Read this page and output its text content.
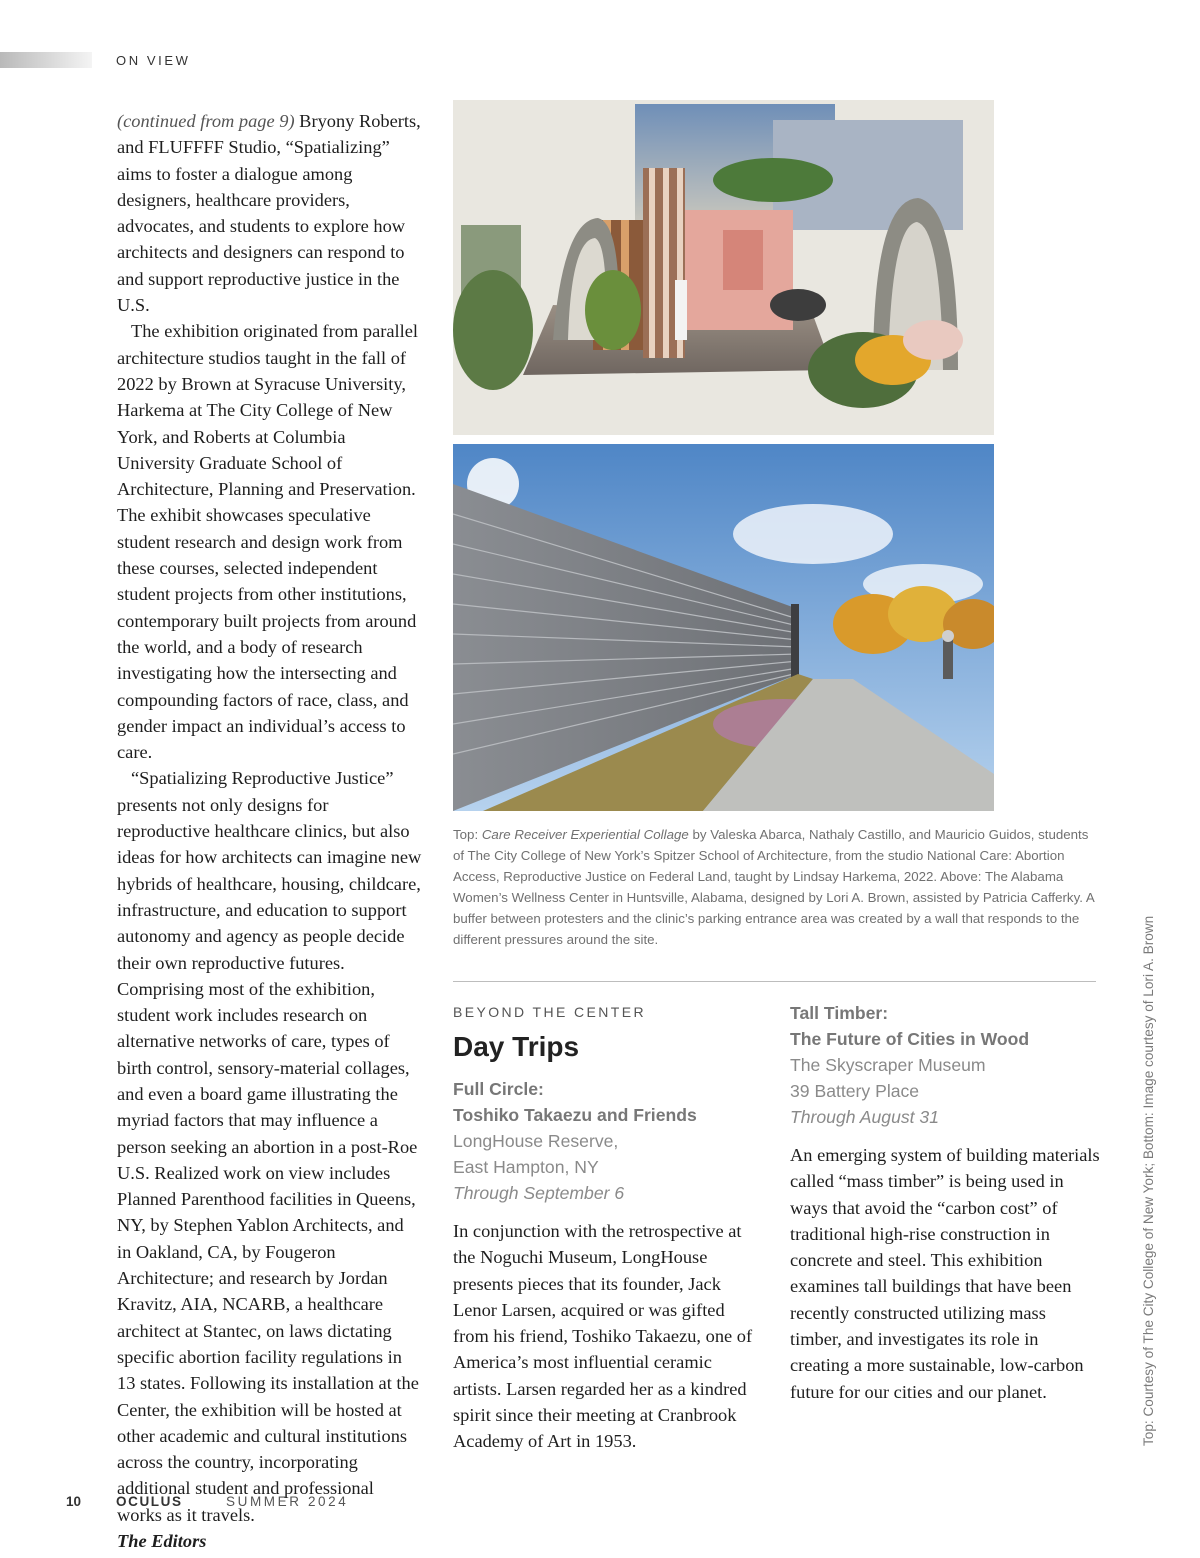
ON VIEW

(continued from page 9) Bryony Roberts, and FLUFFFF Studio, “Spatializing” aims to foster a dialogue among designers, healthcare providers, advocates, and students to explore how architects and designers can respond to and support reproductive justice in the U.S.

The exhibition originated from parallel architecture studios taught in the fall of 2022 by Brown at Syracuse University, Harkema at The City College of New York, and Roberts at Columbia University Graduate School of Architecture, Planning and Preservation. The exhibit showcases speculative student research and design work from these courses, selected independent student projects from other institutions, contemporary built projects from around the world, and a body of research investigating how the intersecting and compounding factors of race, class, and gender impact an individual’s access to care.

“Spatializing Reproductive Justice” presents not only designs for reproductive healthcare clinics, but also ideas for how architects can imagine new hybrids of healthcare, housing, childcare, infrastructure, and education to support autonomy and agency as people decide their own reproductive futures. Comprising most of the exhibition, student work includes research on alternative networks of care, types of birth control, sensory-material collages, and even a board game illustrating the myriad factors that may influence a person seeking an abortion in a post-Roe U.S. Realized work on view includes Planned Parenthood facilities in Queens, NY, by Stephen Yablon Architects, and in Oakland, CA, by Fougeron Architecture; and research by Jordan Kravitz, AIA, NCARB, a healthcare architect at Stantec, on laws dictating specific abortion facility regulations in 13 states. Following its installation at the Center, the exhibition will be hosted at other academic and cultural institutions across the country, incorporating additional student and professional works as it travels.

The Editors

Top: Care Receiver Experiential Collage by Valeska Abarca, Nathaly Castillo, and Mauricio Guidos, students of The City College of New York’s Spitzer School of Architecture, from the studio National Care: Abortion Access, Reproductive Justice on Federal Land, taught by Lindsay Harkema, 2022. Above: The Alabama Women’s Wellness Center in Huntsville, Alabama, designed by Lori A. Brown, assisted by Patricia Cafferky. A buffer between protesters and the clinic’s parking entrance area was created by a wall that responds to the different pressures around the site.

BEYOND THE CENTER

Day Trips

Full Circle:

Toshiko Takaezu and Friends

LongHouse Reserve,

East Hampton, NY

Through September 6

In conjunction with the retrospective at the Noguchi Museum, LongHouse presents pieces that its founder, Jack Lenor Larsen, acquired or was gifted from his friend, Toshiko Takaezu, one of America’s most influential ceramic artists. Larsen regarded her as a kindred spirit since their meeting at Cranbrook Academy of Art in 1953.

Tall Timber:

The Future of Cities in Wood

The Skyscraper Museum

39 Battery Place

Through August 31

An emerging system of building materials called “mass timber” is being used in ways that avoid the “carbon cost” of traditional high-rise construction in concrete and steel. This exhibition examines tall buildings that have been recently constructed utilizing mass timber, and investigates its role in creating a more sustainable, low-carbon future for our cities and our planet.	Top: Courtesy of The City College of New York; Bottom: Image courtesy of Lori A. Brown
10	OCULUS	SUMMER 2024
